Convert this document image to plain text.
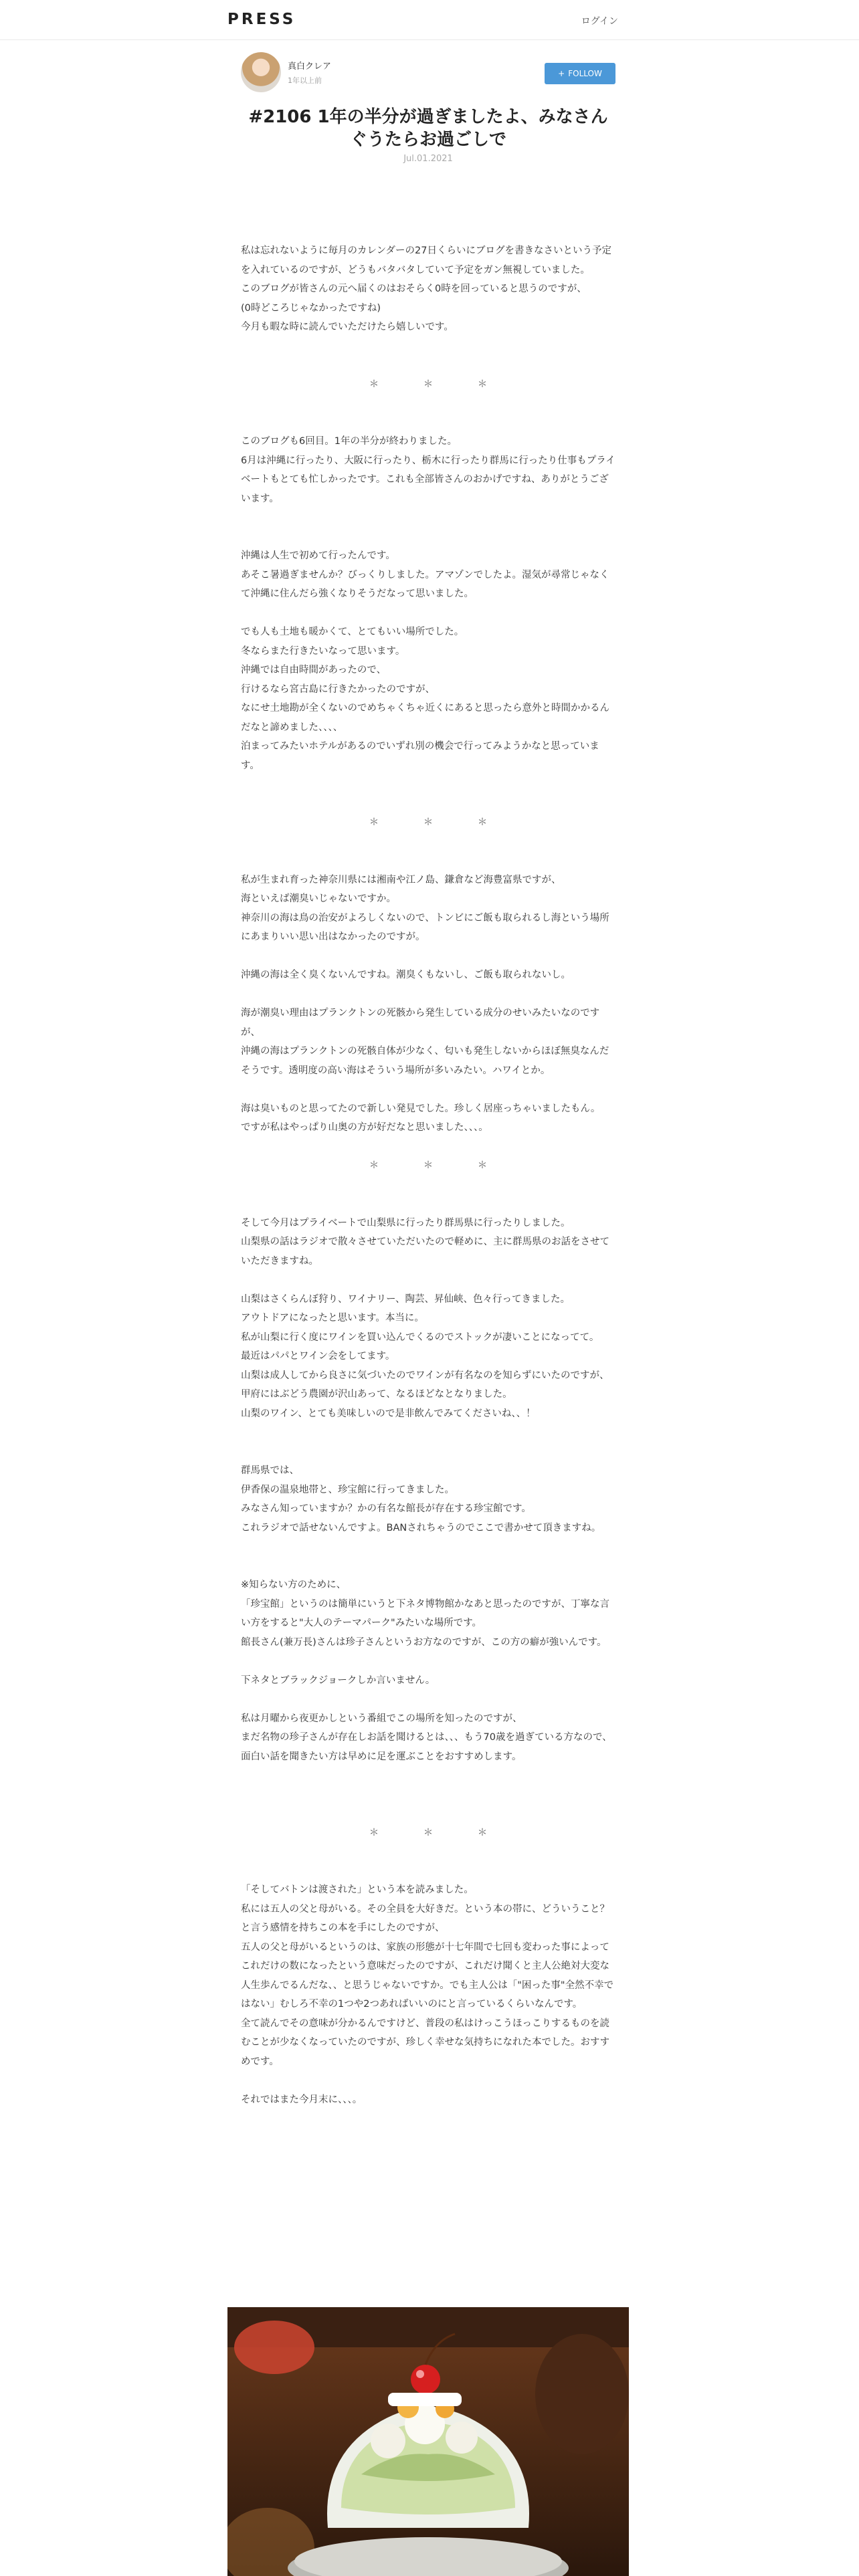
PRESS	ログイン
真白クレア
1年以上前
+ FOLLOW
#2106 1年の半分が過ぎましたよ、みなさんぐうたらお過ごしで
Jul.01.2021

私は忘れないように毎月のカレンダーの27日くらいにブログを書きなさいという予定を入れているのですが、どうもバタバタしていて予定をガン無視していました。

このブログが皆さんの元へ届くのはおそらく0時を回っていると思うのですが、

(0時どころじゃなかったですね)

今月も暇な時に読んでいただけたら嬉しいです。

＊　＊　＊

このブログも6回目。1年の半分が終わりました。

6月は沖縄に行ったり、大阪に行ったり、栃木に行ったり群馬に行ったり仕事もプライベートもとても忙しかったです。これも全部皆さんのおかげですね、ありがとうございます。

沖縄は人生で初めて行ったんです。

あそこ暑過ぎませんか？びっくりしました。アマゾンでしたよ。湿気が尋常じゃなくて沖縄に住んだら強くなりそうだなって思いました。

でも人も土地も暖かくて、とてもいい場所でした。

冬ならまた行きたいなって思います。

沖縄では自由時間があったので、

行けるなら宮古島に行きたかったのですが、

なにせ土地勘が全くないのでめちゃくちゃ近くにあると思ったら意外と時間かかるんだなと諦めました、、、、

泊まってみたいホテルがあるのでいずれ別の機会で行ってみようかなと思っています。

＊　＊　＊

私が生まれ育った神奈川県には湘南や江ノ島、鎌倉など海豊富県ですが、

海といえば潮臭いじゃないですか。

神奈川の海は鳥の治安がよろしくないので、トンビにご飯も取られるし海という場所にあまりいい思い出はなかったのですが。

沖縄の海は全く臭くないんですね。潮臭くもないし、ご飯も取られないし。

海が潮臭い理由はプランクトンの死骸から発生している成分のせいみたいなのですが、

沖縄の海はプランクトンの死骸自体が少なく、匂いも発生しないからほぼ無臭なんだそうです。透明度の高い海はそういう場所が多いみたい。ハワイとか。

海は臭いものと思ってたので新しい発見でした。珍しく居座っちゃいましたもん。

ですが私はやっぱり山奥の方が好だなと思いました、、、。

＊　＊　＊

そして今月はプライベートで山梨県に行ったり群馬県に行ったりしました。

山梨県の話はラジオで散々させていただいたので軽めに、主に群馬県のお話をさせていただきますね。

山梨はさくらんぼ狩り、ワイナリー、陶芸、昇仙峡、色々行ってきました。

アウトドアになったと思います。本当に。

私が山梨に行く度にワインを買い込んでくるのでストックが凄いことになってて。

最近はパパとワイン会をしてます。

山梨は成人してから良さに気づいたのでワインが有名なのを知らずにいたのですが、

甲府にはぶどう農園が沢山あって、なるほどなとなりました。

山梨のワイン、とても美味しいので是非飲んでみてくださいね、、！

群馬県では、

伊香保の温泉地帯と、珍宝館に行ってきました。

みなさん知っていますか？かの有名な館長が存在する珍宝館です。

これラジオで話せないんですよ。BANされちゃうのでここで書かせて頂きますね。

※知らない方のために、

「珍宝館」というのは簡単にいうと下ネタ博物館かなあと思ったのですが、丁寧な言い方をすると"大人のテーマパーク"みたいな場所です。

館長さん(兼万長)さんは珍子さんというお方なのですが、この方の癖が強いんです。

下ネタとブラックジョークしか言いません。

私は月曜から夜更かしという番組でこの場所を知ったのですが、

まだ名物の珍子さんが存在しお話を聞けるとは、、、もう70歳を過ぎている方なので、

面白い話を聞きたい方は早めに足を運ぶことをおすすめします。

＊　＊　＊

「そしてバトンは渡された」という本を読みました。

私には五人の父と母がいる。その全員を大好きだ。という本の帯に、どういうこと？と言う感情を持ちこの本を手にしたのですが、

五人の父と母がいるというのは、家族の形態が十七年間で七回も変わった事によってこれだけの数になったという意味だったのですが、これだけ聞くと主人公絶対大変な人生歩んでるんだな、、と思うじゃないですか。でも主人公は「"困った事"全然不幸ではない」むしろ不幸の1つや2つあればいいのにと言っているくらいなんです。

全て読んでその意味が分かるんですけど、普段の私はけっこうほっこりするものを読むことが少なくなっていたのですが、珍しく幸せな気持ちになれた本でした。おすすめです。

それではまた今月末に、、、。
